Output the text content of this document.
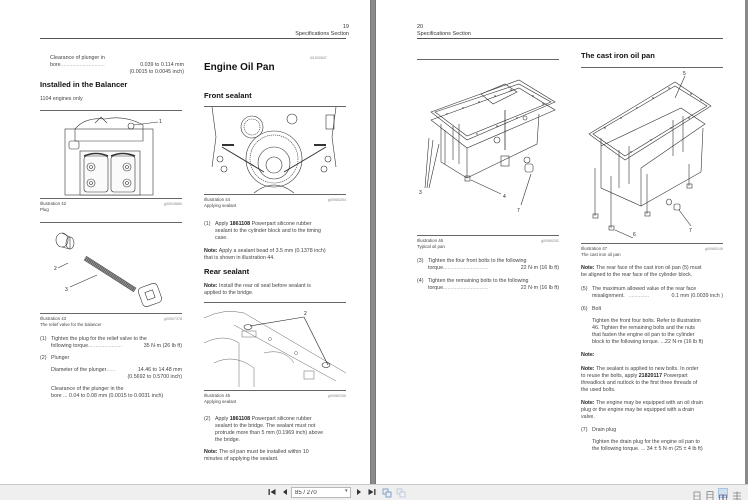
19
Specifications Section
Clearance of plunger in
bore ..............................	0.039 to 0.114 mm
(0.0015 to 0.0045 inch)
Installed in the Balancer
1104 engines only
1
Illustration 42	g00518880
Plug
2
3
Illustration 43	g00507378
The relief valve for the balancer
(1) Tighten the plug for the relief valve to the
following torque. ......................	35 N·m (26 lb ft)
(2) Plunger
Diameter of the plunger ......	14.46 to 14.48 mm
(0.5692 to 0.5700 inch)
Clearance of the plunger in the
bore ... 0.04 to 0.08 mm (0.0015 to 0.0031 inch)
i01902847
Engine Oil Pan
Front sealant
Illustration 44	g00980254
Applying sealant
(1) Apply 1861108 Powerpart silicone rubber
sealant to the cylinder block and to the timing
case.
Note: Apply a sealant bead of 3.5 mm (0.1378 inch)
that is shown in illustration 44.
Rear sealant
Note: Install the rear oil seal before sealant is
applied to the bridge.
2
Illustration 45	g00980255
Applying sealant
(2) Apply 1861108 Powerpart silicone rubber
sealant to the bridge. The sealant must not
protrude more than 5 mm (0.1969 inch) above
the bridge.
Note: The oil pan must be installed within 10
minutes of applying the sealant.
20
Specifications Section
3
4
7
Illustration 46	g00980252
Typical oil pan
(3) Tighten the four front bolts to the following
torque. ..............................	22 N·m (16 lb ft)
(4) Tighten the remaining bolts to the following
torque. ..............................	22 N·m (16 lb ft)
The cast iron oil pan
5
6
7
Illustration 47	g00980249
The cast iron oil pan
Note: The rear face of the cast iron oil pan (5) must
be aligned to the rear face of the cylinder block.
(5) The maximum allowed value of the rear face
misalignment. ..............	0.1 mm (0.0039 inch )
(6) Bolt
Tighten the front four bolts. Refer to illustration
46. Tighten the remaining bolts and the nuts
that fasten the engine oil pan to the cylinder
block to the following torque. ...22 N·m (16 lb ft)
Note:
Note: The sealant is applied to new bolts. In order
to reuse the bolts, apply 21820117 Powerpart
threadlock and nutlock to the first three threads of
the used bolts.
Note: The engine may be equipped with an oil drain
plug or the engine may be equipped with a drain
valve.
(7) Drain plug
Tighten the drain plug for the engine oil pan to
the following torque. ... 34 ± 5 N·m (25 ± 4 lb ft)
85 / 270
▾
